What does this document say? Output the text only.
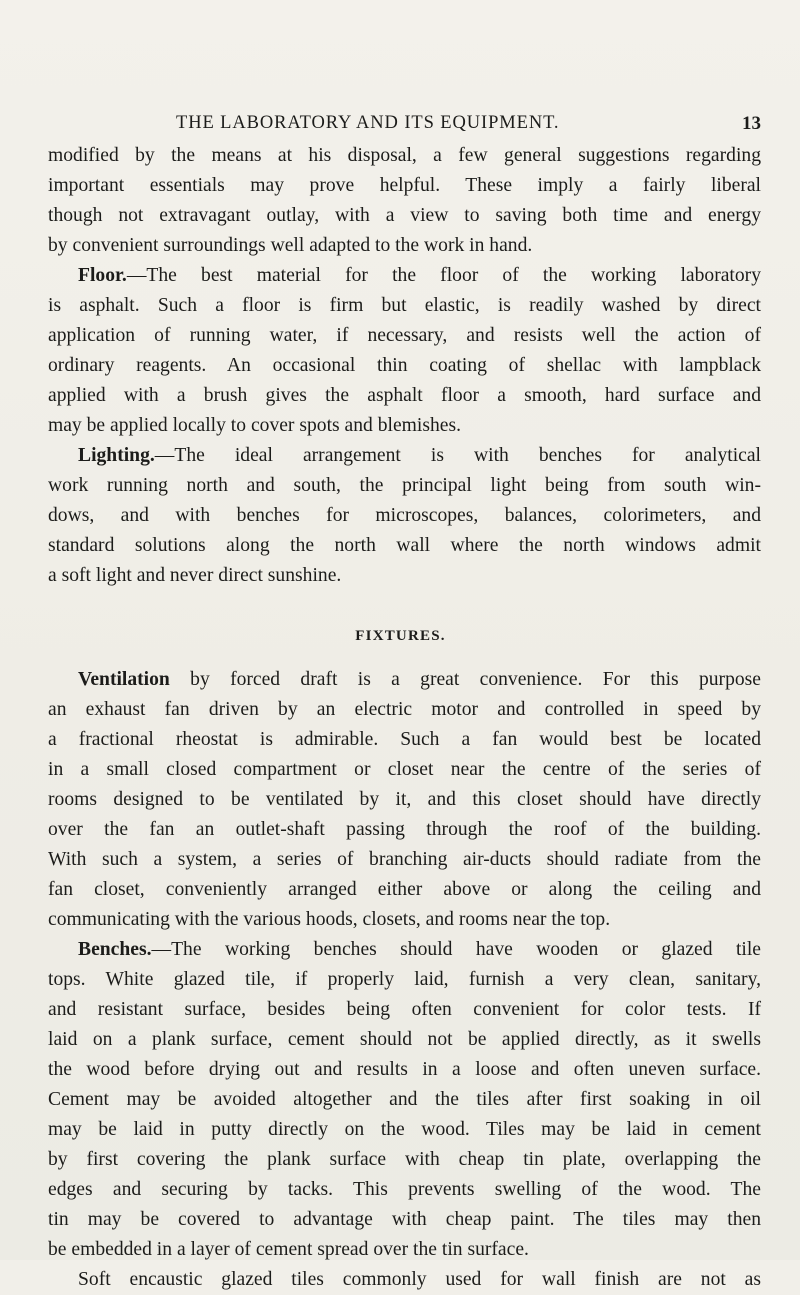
THE LABORATORY AND ITS EQUIPMENT.	13
modified by the means at his disposal, a few general suggestions regarding
important essentials may prove helpful. These imply a fairly liberal
though not extravagant outlay, with a view to saving both time and energy
by convenient surroundings well adapted to the work in hand.
Floor.—The best material for the floor of the working laboratory
is asphalt. Such a floor is firm but elastic, is readily washed by direct
application of running water, if necessary, and resists well the action of
ordinary reagents. An occasional thin coating of shellac with lampblack
applied with a brush gives the asphalt floor a smooth, hard surface and
may be applied locally to cover spots and blemishes.
Lighting.—The ideal arrangement is with benches for analytical
work running north and south, the principal light being from south win-
dows, and with benches for microscopes, balances, colorimeters, and
standard solutions along the north wall where the north windows admit
a soft light and never direct sunshine.
FIXTURES.
Ventilation by forced draft is a great convenience. For this purpose
an exhaust fan driven by an electric motor and controlled in speed by
a fractional rheostat is admirable. Such a fan would best be located
in a small closed compartment or closet near the centre of the series of
rooms designed to be ventilated by it, and this closet should have directly
over the fan an outlet-shaft passing through the roof of the building.
With such a system, a series of branching air-ducts should radiate from the
fan closet, conveniently arranged either above or along the ceiling and
communicating with the various hoods, closets, and rooms near the top.
Benches.—The working benches should have wooden or glazed tile
tops. White glazed tile, if properly laid, furnish a very clean, sanitary,
and resistant surface, besides being often convenient for color tests. If
laid on a plank surface, cement should not be applied directly, as it swells
the wood before drying out and results in a loose and often uneven surface.
Cement may be avoided altogether and the tiles after first soaking in oil
may be laid in putty directly on the wood. Tiles may be laid in cement
by first covering the plank surface with cheap tin plate, overlapping the
edges and securing by tacks. This prevents swelling of the wood. The
tin may be covered to advantage with cheap paint. The tiles may then
be embedded in a layer of cement spread over the tin surface.
Soft encaustic glazed tiles commonly used for wall finish are not as
